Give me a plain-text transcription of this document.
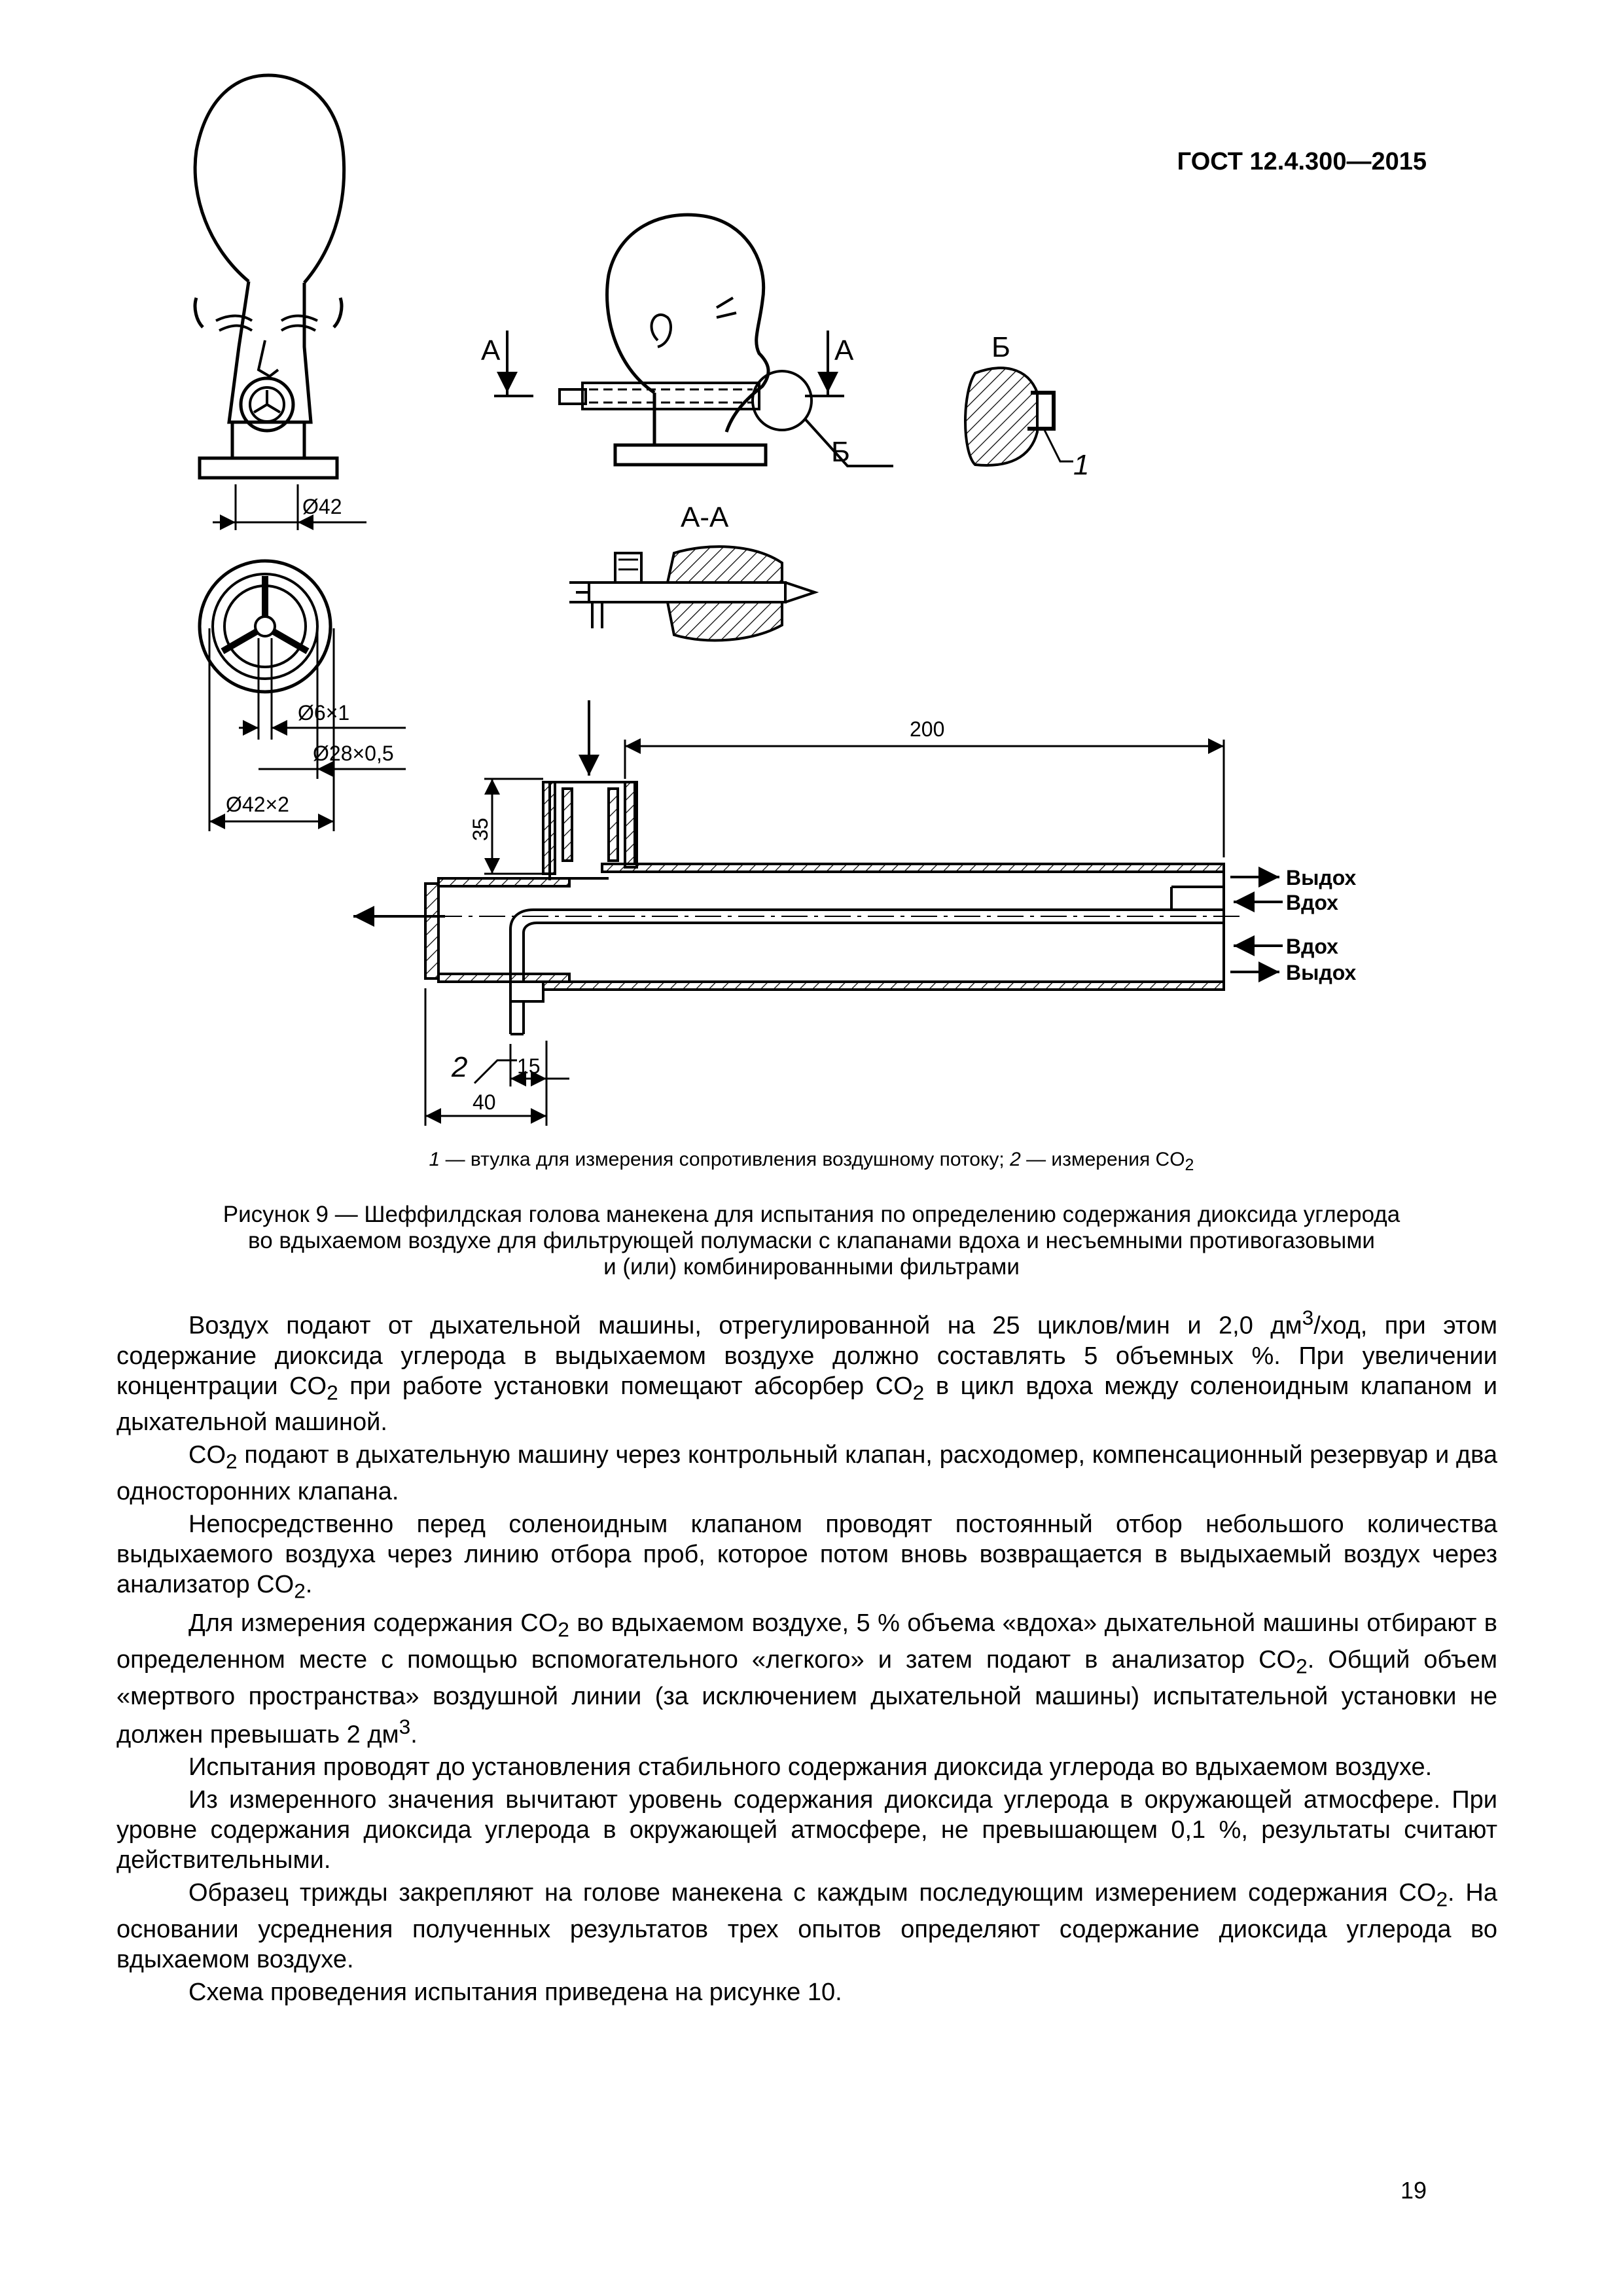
ГОСТ 12.4.300—2015
Ø42
А	А
Б
Б
1
А-А
Ø6×1
Ø28×0,5
Ø42×2
200
35
15
40
2
Выдох
Вдох
Вдох
Выдох
1 — втулка для измерения сопротивления воздушному потоку; 2 — измерения $CO_2$
Рисунок 9 — Шеффилдская голова манекена для испытания по определению содержания диоксида углерода
во вдыхаемом воздухе для фильтрующей полумаски с клапанами вдоха и несъемными противогазовыми
и (или) комбинированными фильтрами

Воздух подают от дыхательной машины, отрегулированной на 25 циклов/мин и 2,0 $дм^3$/ход, при этом содержание диоксида углерода в выдыхаемом воздухе должно составлять 5 объемных %. При увеличении концентрации $CO_2$ при работе установки помещают абсорбер $CO_2$ в цикл вдоха между соленоидным клапаном и дыхательной машиной.

$CO_2$ подают в дыхательную машину через контрольный клапан, расходомер, компенсационный резервуар и два односторонних клапана.

Непосредственно перед соленоидным клапаном проводят постоянный отбор небольшого количества выдыхаемого воздуха через линию отбора проб, которое потом вновь возвращается в выдыхаемый воздух через анализатор $CO_2$.

Для измерения содержания $CO_2$ во вдыхаемом воздухе, 5 % объема «вдоха» дыхательной машины отбирают в определенном месте с помощью вспомогательного «легкого» и затем подают в анализатор $CO_2$. Общий объем «мертвого пространства» воздушной линии (за исключением дыхательной машины) испытательной установки не должен превышать 2 $дм^3$.

Испытания проводят до установления стабильного содержания диоксида углерода во вдыхаемом воздухе.

Из измеренного значения вычитают уровень содержания диоксида углерода в окружающей атмосфере. При уровне содержания диоксида углерода в окружающей атмосфере, не превышающем 0,1 %, результаты считают действительными.

Образец трижды закрепляют на голове манекена с каждым последующим измерением содержания $CO_2$. На основании усреднения полученных результатов трех опытов определяют содержание диоксида углерода во вдыхаемом воздухе.

Схема проведения испытания приведена на рисунке 10.

19
